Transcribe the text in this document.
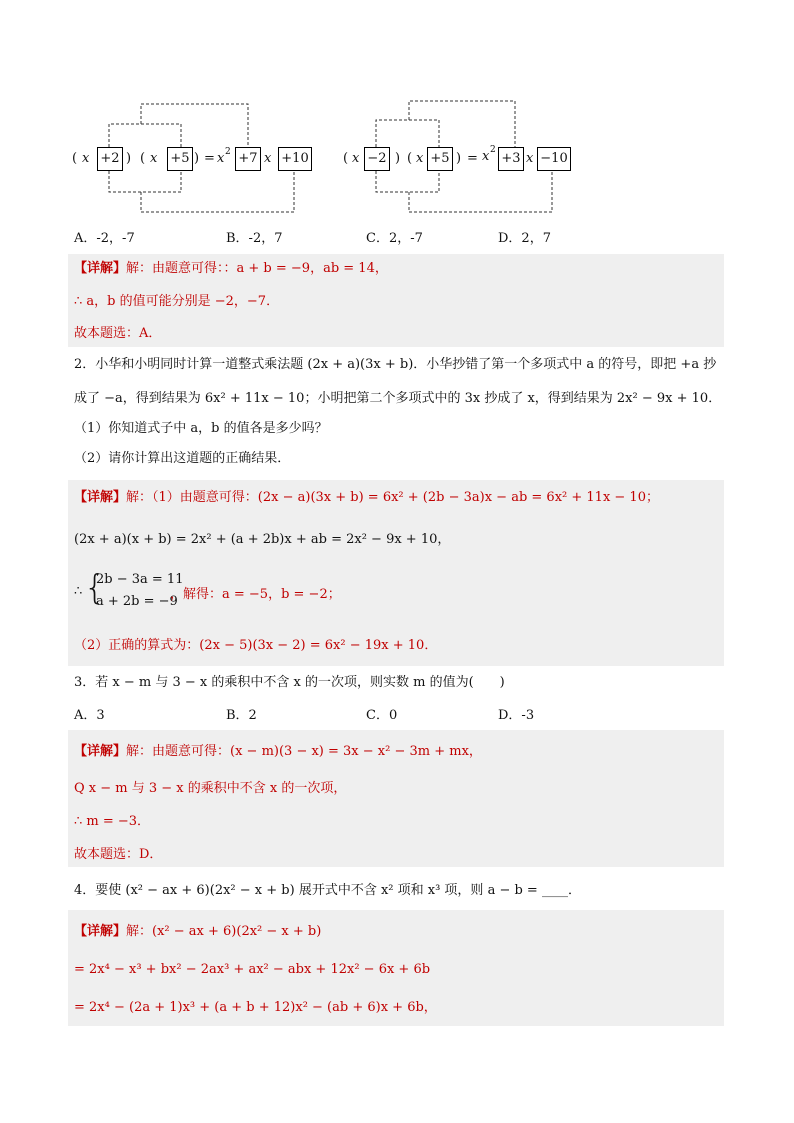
( x +2 ) ( x +5 ) = x 2 +7 x +10	( x −2 ) ( x +5 ) = x 2
+3 x −10
A．-2，-7	B．-2，7	C．2，-7	D．2，7
【详解】解：由题意可得：：a + b = −9，ab = 14，
∴ a，b 的值可能分别是 −2，−7．
故本题选：A．
2．小华和小明同时计算一道整式乘法题 (2x + a)(3x + b)．小华抄错了第一个多项式中 a 的符号，即把 +a 抄
成了 −a，得到结果为 6x² + 11x − 10；小明把第二个多项式中的 3x 抄成了 x，得到结果为 2x² − 9x + 10．
（1）你知道式子中 a，b 的值各是多少吗？
（2）请你计算出这道题的正确结果．
【详解】解：（1）由题意可得：(2x − a)(3x + b) = 6x² + (2b − 3a)x − ab = 6x² + 11x − 10；
(2x + a)(x + b) = 2x² + (a + 2b)x + ab = 2x² − 9x + 10，
∴ {
2b − 3a = 11
a + 2b = −9
，解得：a = −5，b = −2；
（2）正确的算式为：(2x − 5)(3x − 2) = 6x² − 19x + 10．
3．若 x − m 与 3 − x 的乘积中不含 x 的一次项，则实数 m 的值为(　　)
A．3	B．2	C．0	D．-3
【详解】解：由题意可得：(x − m)(3 − x) = 3x − x² − 3m + mx，
Q x − m 与 3 − x 的乘积中不含 x 的一次项，
∴ m = −3．
故本题选：D．
4．要使 (x² − ax + 6)(2x² − x + b) 展开式中不含 x² 项和 x³ 项，则 a − b = ____．
【详解】解：(x² − ax + 6)(2x² − x + b)
= 2x⁴ − x³ + bx² − 2ax³ + ax² − abx + 12x² − 6x + 6b
= 2x⁴ − (2a + 1)x³ + (a + b + 12)x² − (ab + 6)x + 6b，
